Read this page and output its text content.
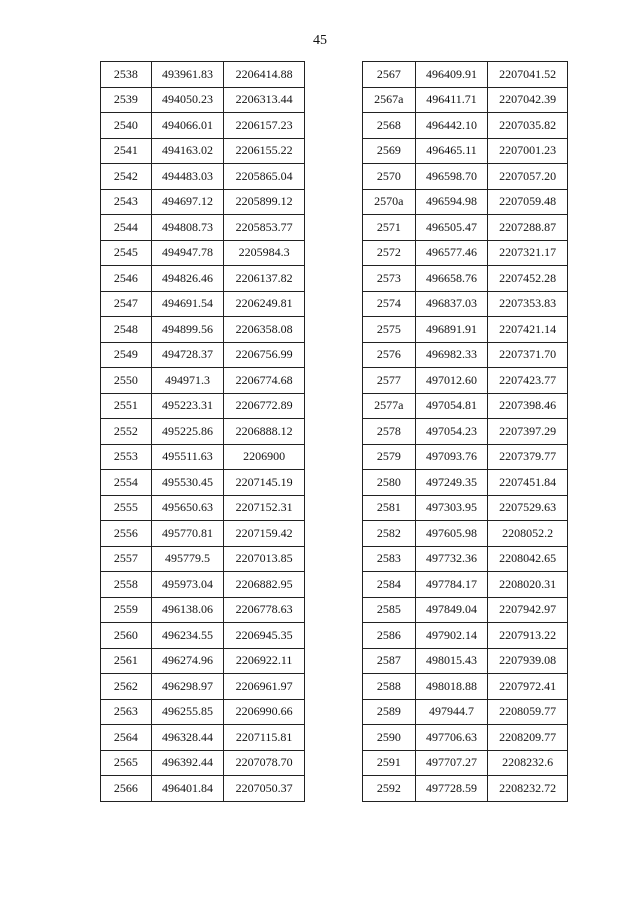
45
2538	493961.83	2206414.88
2539	494050.23	2206313.44
2540	494066.01	2206157.23
2541	494163.02	2206155.22
2542	494483.03	2205865.04
2543	494697.12	2205899.12
2544	494808.73	2205853.77
2545	494947.78	2205984.3
2546	494826.46	2206137.82
2547	494691.54	2206249.81
2548	494899.56	2206358.08
2549	494728.37	2206756.99
2550	494971.3	2206774.68
2551	495223.31	2206772.89
2552	495225.86	2206888.12
2553	495511.63	2206900
2554	495530.45	2207145.19
2555	495650.63	2207152.31
2556	495770.81	2207159.42
2557	495779.5	2207013.85
2558	495973.04	2206882.95
2559	496138.06	2206778.63
2560	496234.55	2206945.35
2561	496274.96	2206922.11
2562	496298.97	2206961.97
2563	496255.85	2206990.66
2564	496328.44	2207115.81
2565	496392.44	2207078.70
2566	496401.84	2207050.37
2567	496409.91	2207041.52
2567a	496411.71	2207042.39
2568	496442.10	2207035.82
2569	496465.11	2207001.23
2570	496598.70	2207057.20
2570a	496594.98	2207059.48
2571	496505.47	2207288.87
2572	496577.46	2207321.17
2573	496658.76	2207452.28
2574	496837.03	2207353.83
2575	496891.91	2207421.14
2576	496982.33	2207371.70
2577	497012.60	2207423.77
2577a	497054.81	2207398.46
2578	497054.23	2207397.29
2579	497093.76	2207379.77
2580	497249.35	2207451.84
2581	497303.95	2207529.63
2582	497605.98	2208052.2
2583	497732.36	2208042.65
2584	497784.17	2208020.31
2585	497849.04	2207942.97
2586	497902.14	2207913.22
2587	498015.43	2207939.08
2588	498018.88	2207972.41
2589	497944.7	2208059.77
2590	497706.63	2208209.77
2591	497707.27	2208232.6
2592	497728.59	2208232.72
